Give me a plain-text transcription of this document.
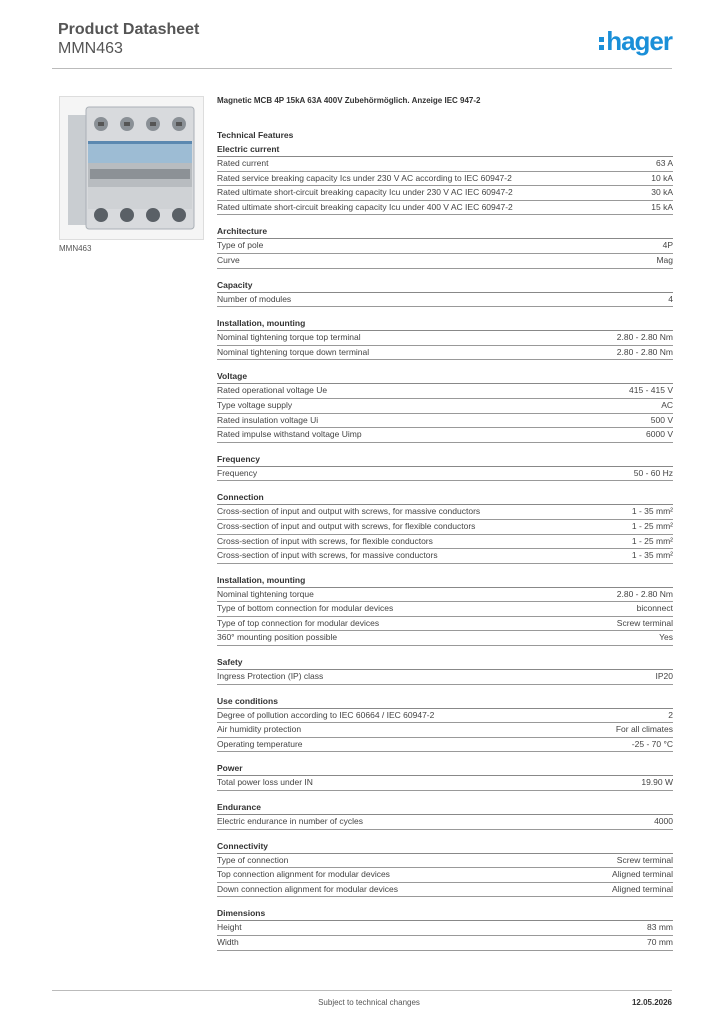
Product Datasheet
MMN463	hager
MMN463
Magnetic MCB 4P 15kA 63A 400V Zubehörmöglich. Anzeige IEC 947-2
Technical Features
Electric current
Rated current	63 A
Rated service breaking capacity Ics under 230 V AC according to IEC 60947-2	10 kA
Rated ultimate short-circuit breaking capacity Icu under 230 V AC IEC 60947-2	30 kA
Rated ultimate short-circuit breaking capacity Icu under 400 V AC IEC 60947-2	15 kA
Architecture
Type of pole	4P
Curve	Mag
Capacity
Number of modules	4
Installation, mounting
Nominal tightening torque top terminal	2.80 - 2.80 Nm
Nominal tightening torque down terminal	2.80 - 2.80 Nm
Voltage
Rated operational voltage Ue	415 - 415 V
Type voltage supply	AC
Rated insulation voltage Ui	500 V
Rated impulse withstand voltage Uimp	6000 V
Frequency
Frequency	50 - 60 Hz
Connection
Cross-section of input and output with screws, for massive conductors	1 - 35 mm²
Cross-section of input and output with screws, for flexible conductors	1 - 25 mm²
Cross-section of input with screws, for flexible conductors	1 - 25 mm²
Cross-section of input with screws, for massive conductors	1 - 35 mm²
Installation, mounting
Nominal tightening torque	2.80 - 2.80 Nm
Type of bottom connection for modular devices	biconnect
Type of top connection for modular devices	Screw terminal
360° mounting position possible	Yes
Safety
Ingress Protection (IP) class	IP20
Use conditions
Degree of pollution according to IEC 60664 / IEC 60947-2	2
Air humidity protection	For all climates
Operating temperature	-25 - 70 °C
Power
Total power loss under IN	19.90 W
Endurance
Electric endurance in number of cycles	4000
Connectivity
Type of connection	Screw terminal
Top connection alignment for modular devices	Aligned terminal
Down connection alignment for modular devices	Aligned terminal
Dimensions
Height	83 mm
Width	70 mm
Subject to technical changes	12.05.2026
